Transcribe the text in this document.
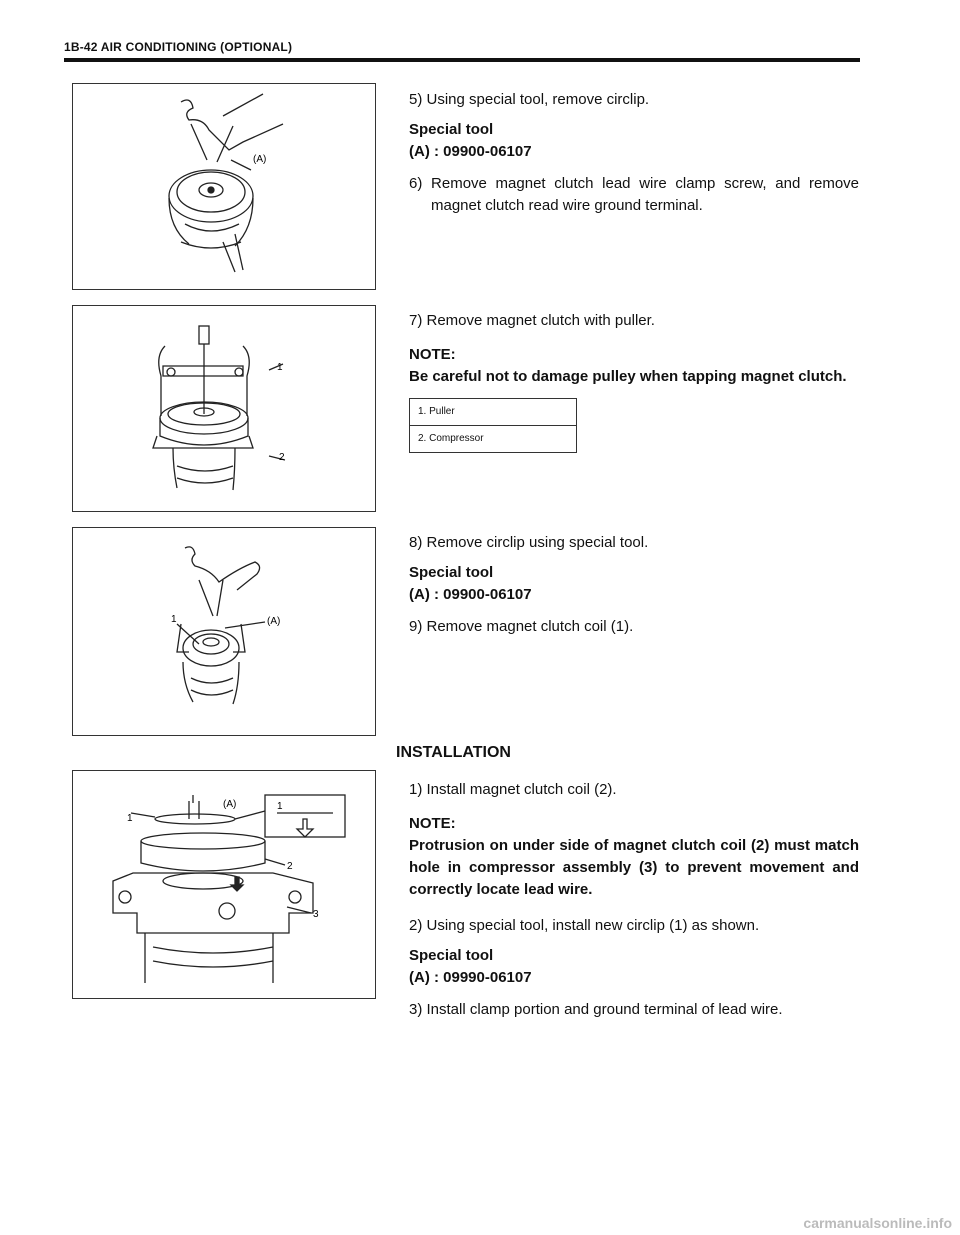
1B-42 AIR CONDITIONING (OPTIONAL)
(A)

5) Using special tool, remove circlip.

Special tool

(A) : 09900-06107

6) Remove magnet clutch lead wire clamp screw, and remove magnet clutch read wire ground terminal.

1
2

7) Remove magnet clutch with puller.

NOTE:

Be careful not to damage pulley when tapping magnet clutch.

1. Puller
2. Compressor
1	(A)

8) Remove circlip using special tool.

Special tool

(A) : 09900-06107

9) Remove magnet clutch coil (1).

INSTALLATION
1
1
(A)
2
3

1) Install magnet clutch coil (2).

NOTE:

Protrusion on under side of magnet clutch coil (2) must match hole in compressor assembly (3) to prevent movement and correctly locate lead wire.

2) Using special tool, install new circlip (1) as shown.

Special tool

(A) : 09990-06107

3) Install clamp portion and ground terminal of lead wire.

carmanualsonline.info
